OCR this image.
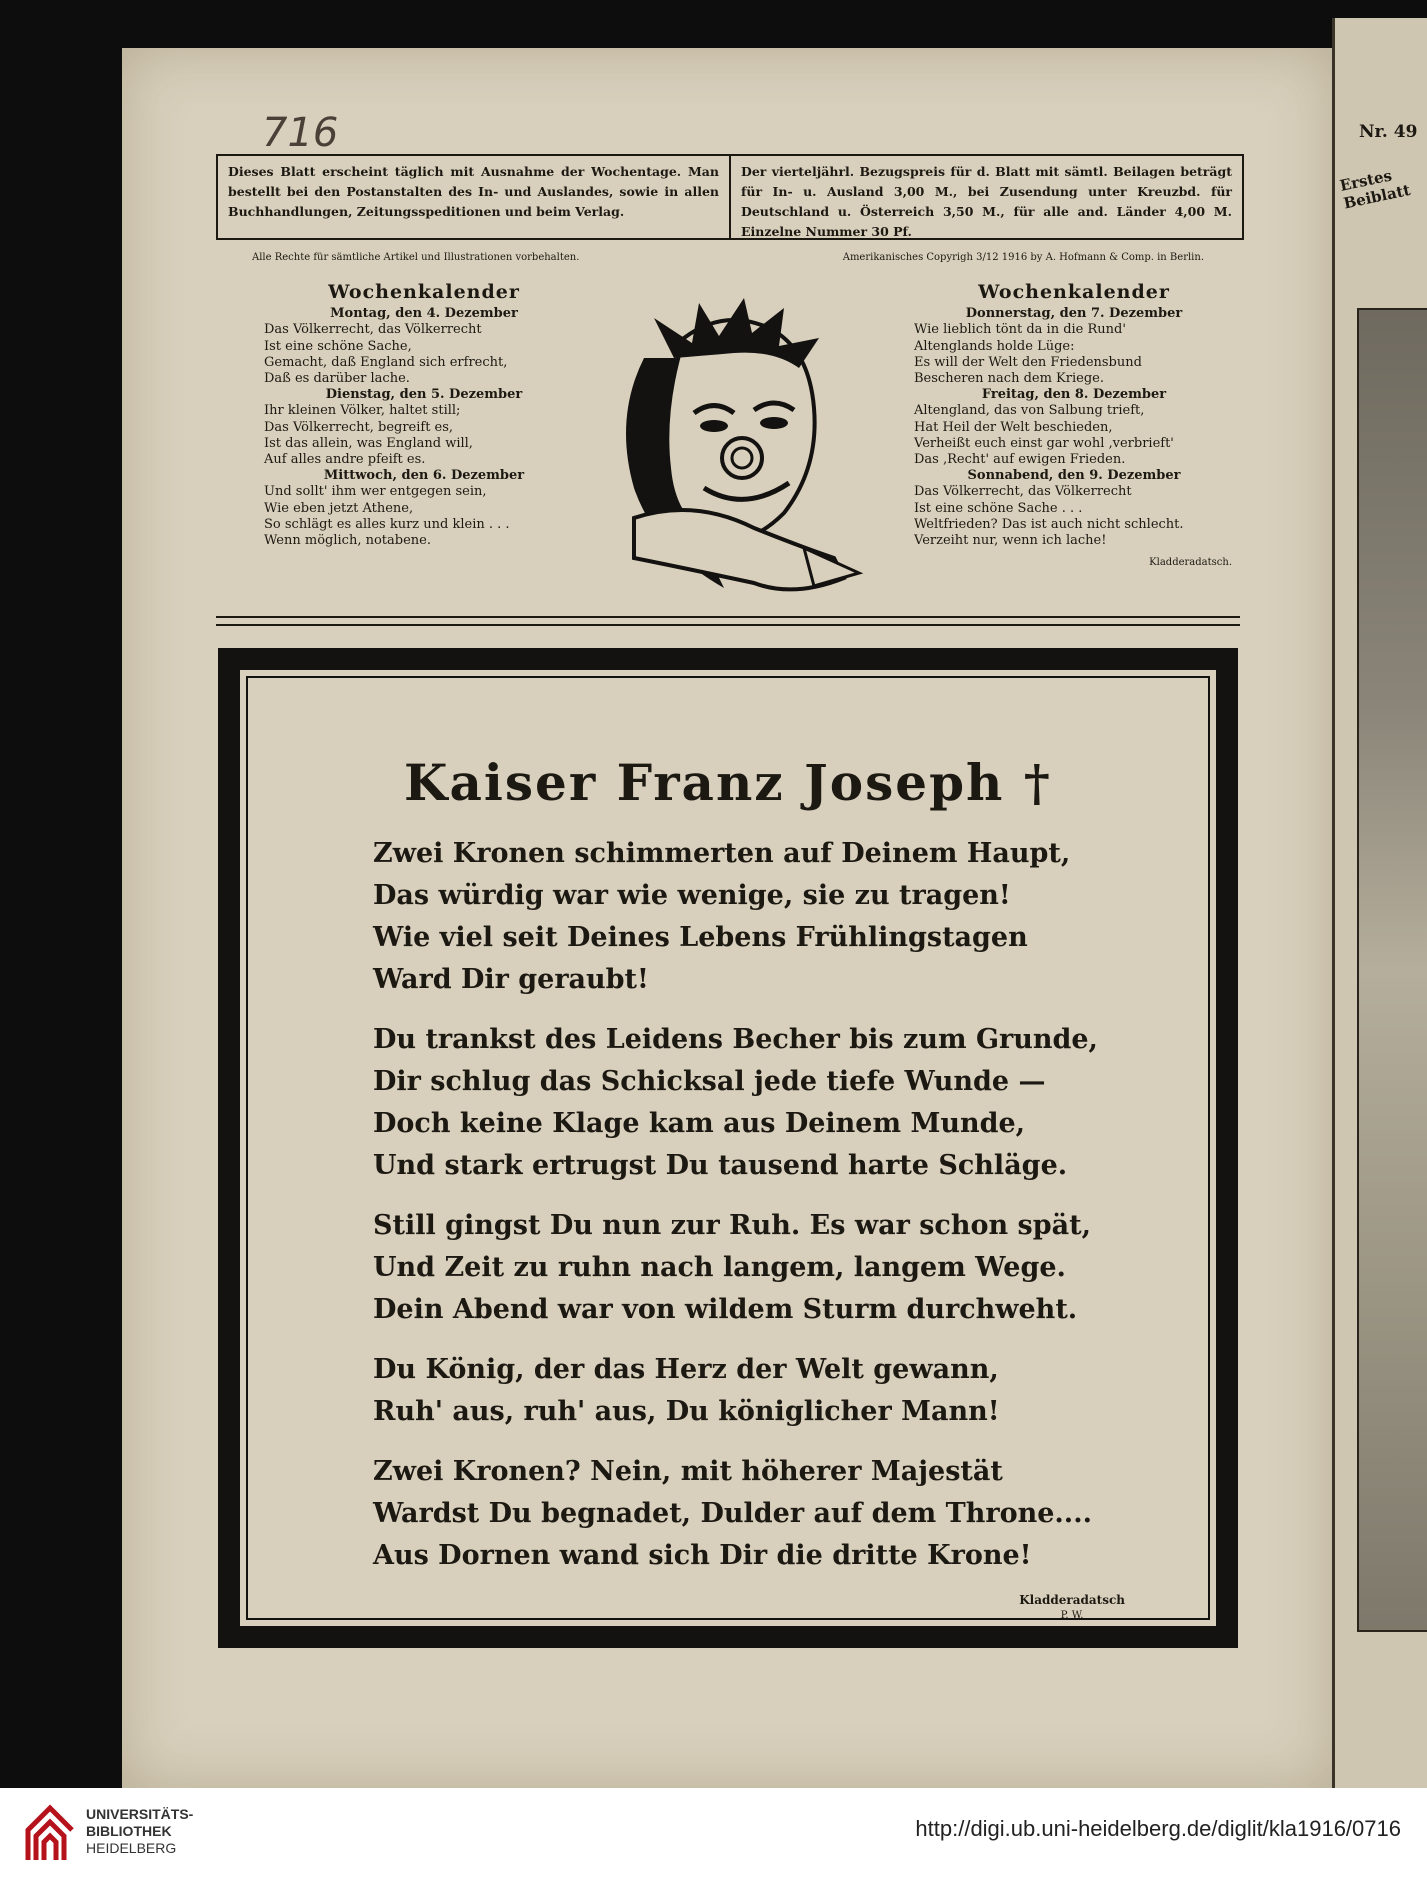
Nr. 49
Erstes Beiblatt
716
Dieses Blatt erscheint täglich mit Ausnahme der Wochentage. Man bestellt bei den Postanstalten des In- und Auslandes, sowie in allen Buchhandlungen, Zeitungsspeditionen und beim Verlag.
Der vierteljährl. Bezugspreis für d. Blatt mit sämtl. Beilagen beträgt für In- u. Ausland 3,00 M., bei Zusendung unter Kreuzbd. für Deutschland u. Österreich 3,50 M., für alle and. Länder 4,00 M. Einzelne Nummer 30 Pf.
Alle Rechte für sämtliche Artikel und Illustrationen vorbehalten.	Amerikanisches Copyrigh 3/12 1916 by A. Hofmann & Comp. in Berlin.
Wochenkalender
Montag, den 4. Dezember
Das Völkerrecht, das Völkerrecht
Ist eine schöne Sache,
Gemacht, daß England sich erfrecht,
Daß es darüber lache.
Dienstag, den 5. Dezember
Ihr kleinen Völker, haltet still;
Das Völkerrecht, begreift es,
Ist das allein, was England will,
Auf alles andre pfeift es.
Mittwoch, den 6. Dezember
Und sollt' ihm wer entgegen sein,
Wie eben jetzt Athene,
So schlägt es alles kurz und klein . . .
Wenn möglich, notabene.
Wochenkalender
Donnerstag, den 7. Dezember
Wie lieblich tönt da in die Rund'
Altenglands holde Lüge:
Es will der Welt den Friedensbund
Bescheren nach dem Kriege.
Freitag, den 8. Dezember
Altengland, das von Salbung trieft,
Hat Heil der Welt beschieden,
Verheißt euch einst gar wohl ‚verbrieft'
Das ‚Recht' auf ewigen Frieden.
Sonnabend, den 9. Dezember
Das Völkerrecht, das Völkerrecht
Ist eine schöne Sache . . .
Weltfrieden? Das ist auch nicht schlecht.
Verzeiht nur, wenn ich lache!
Kladderadatsch.
Kaiser Franz Joseph †
Zwei Kronen schimmerten auf Deinem Haupt,
Das würdig war wie wenige, sie zu tragen!
Wie viel seit Deines Lebens Frühlingstagen
Ward Dir geraubt!
Du trankst des Leidens Becher bis zum Grunde,
Dir schlug das Schicksal jede tiefe Wunde —
Doch keine Klage kam aus Deinem Munde,
Und stark ertrugst Du tausend harte Schläge.
Still gingst Du nun zur Ruh. Es war schon spät,
Und Zeit zu ruhn nach langem, langem Wege.
Dein Abend war von wildem Sturm durchweht.
Du König, der das Herz der Welt gewann,
Ruh' aus, ruh' aus, Du königlicher Mann!
Zwei Kronen? Nein, mit höherer Majestät
Wardst Du begnadet, Dulder auf dem Throne....
Aus Dornen wand sich Dir die dritte Krone!
Kladderadatsch
P. W.
UNIVERSITÄTS-
BIBLIOTHEK
HEIDELBERG
http://digi.ub.uni-heidelberg.de/diglit/kla1916/0716
